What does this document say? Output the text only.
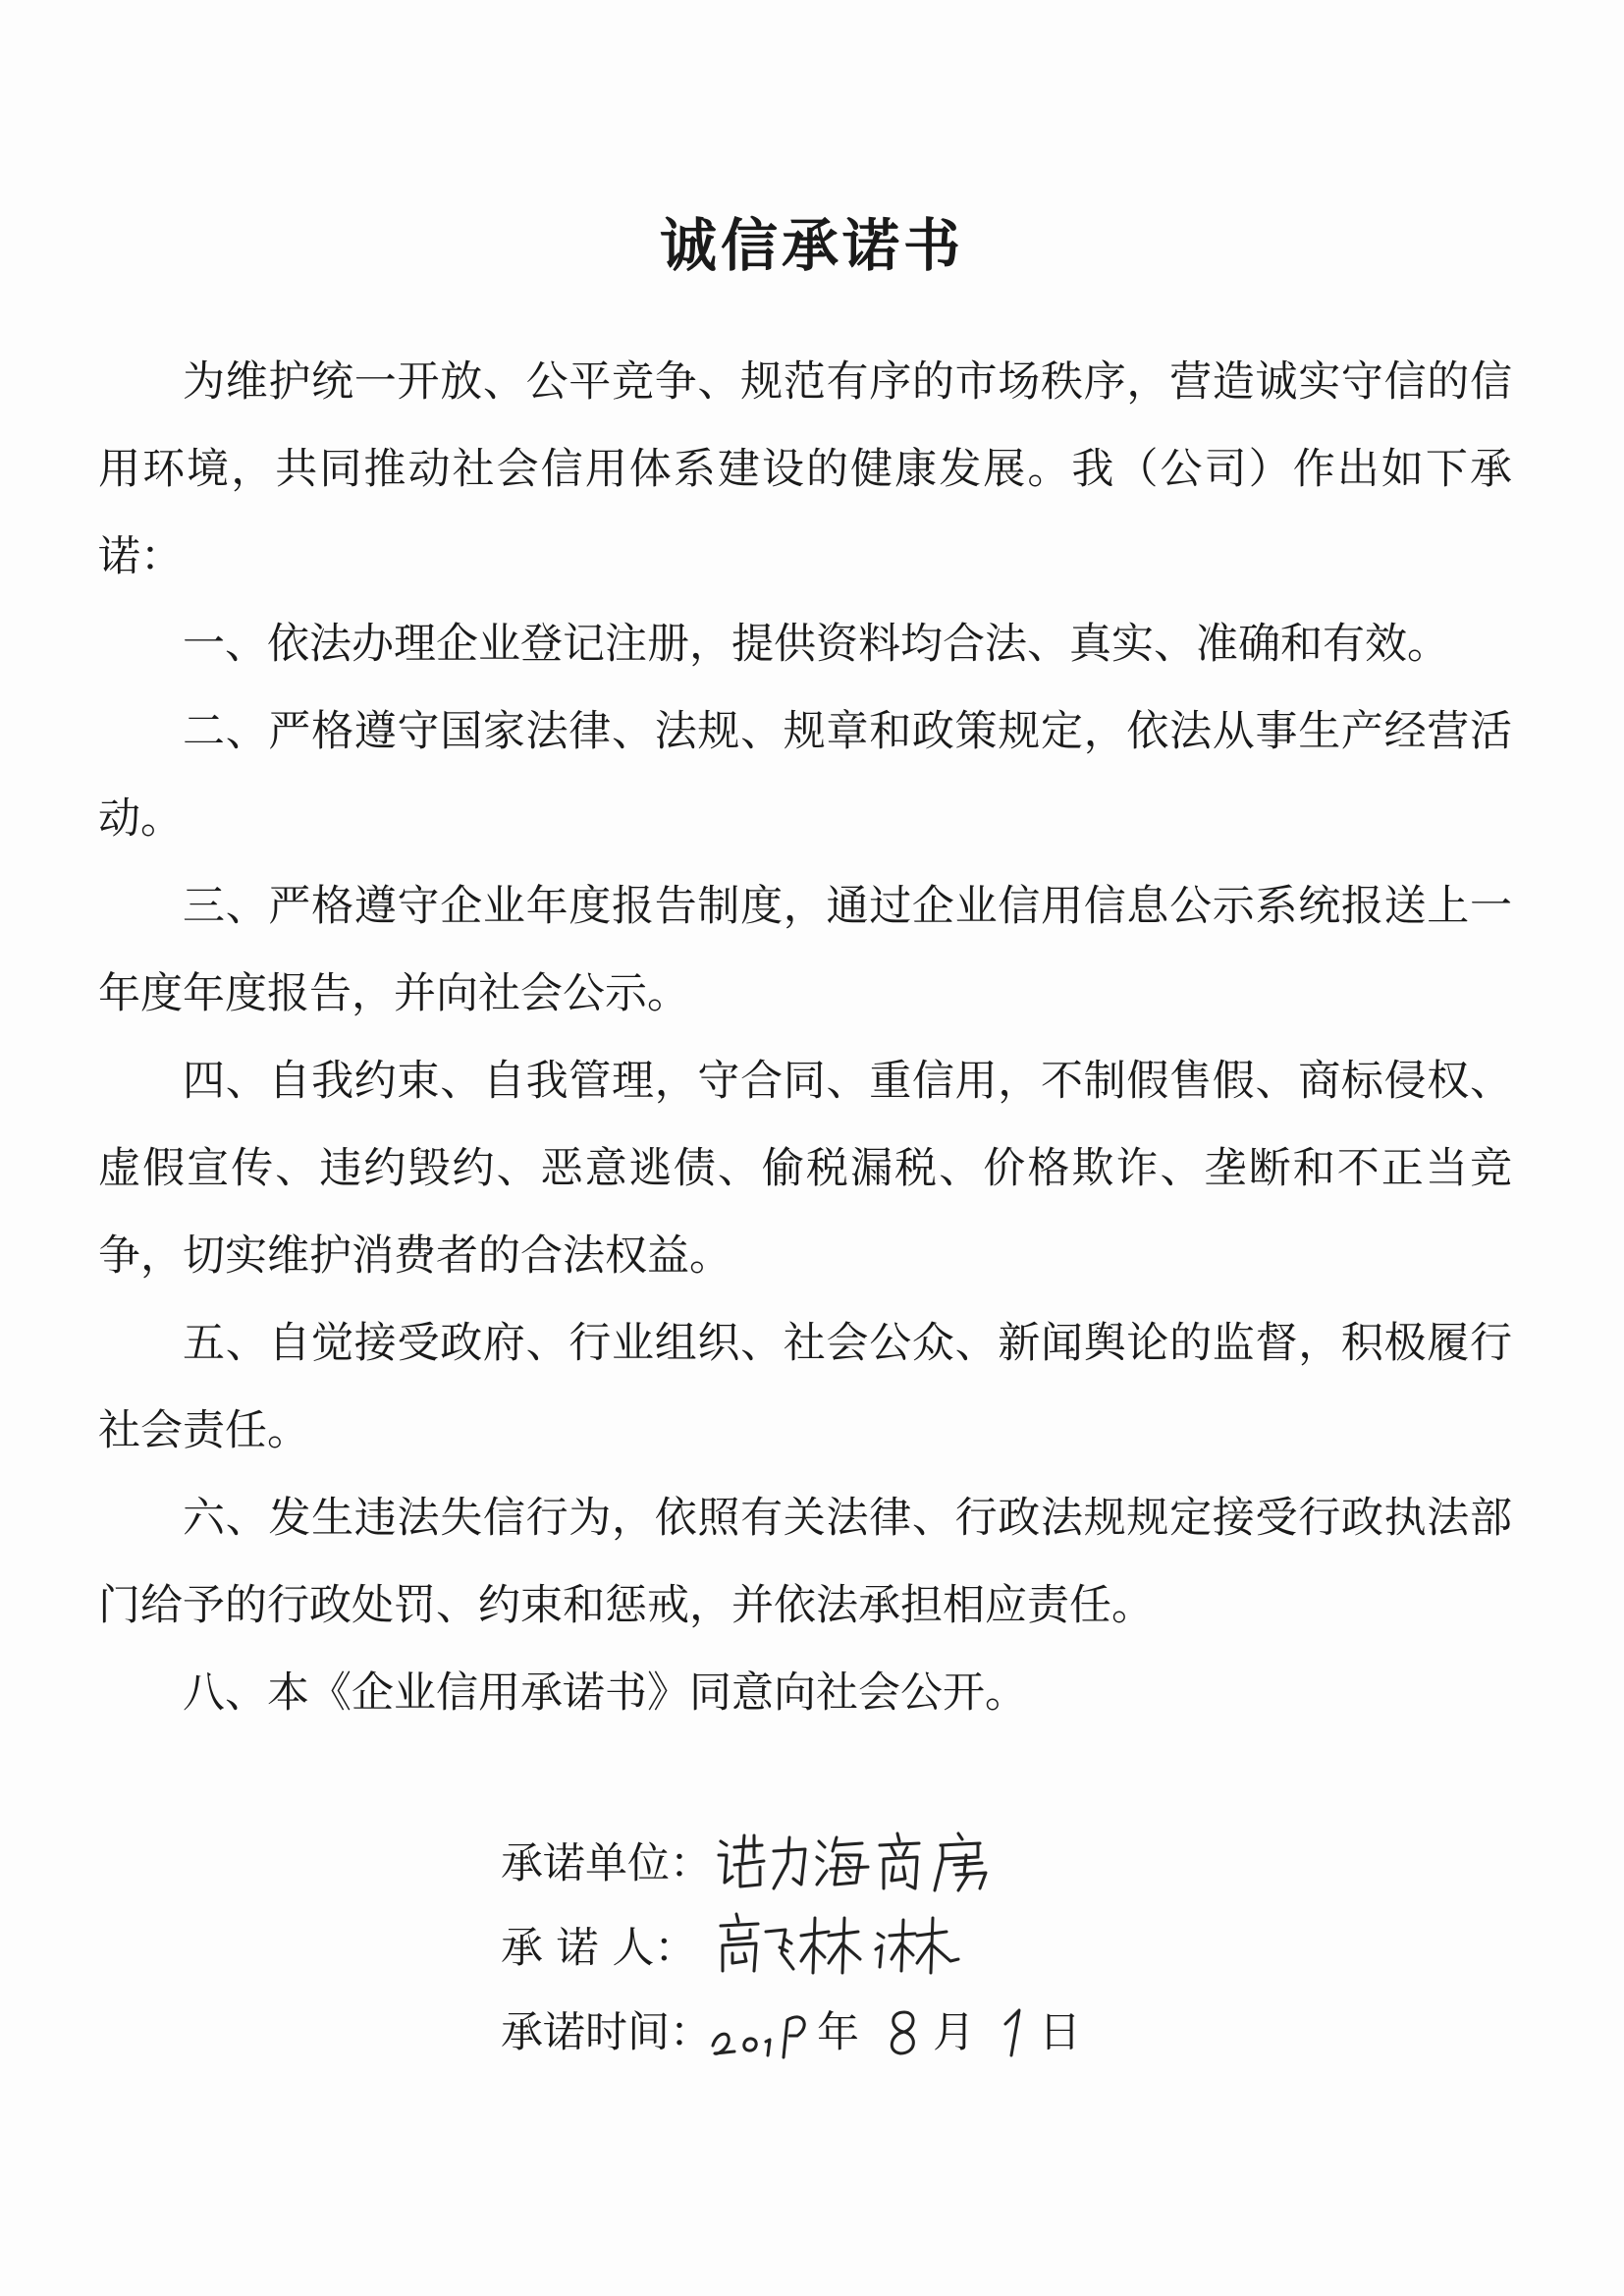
诚信承诺书

为维护统一开放、公平竞争、规范有序的市场秩序，营造诚实守信的信用环境，共同推动社会信用体系建设的健康发展。我（公司）作出如下承诺：

一、依法办理企业登记注册，提供资料均合法、真实、准确和有效。

二、严格遵守国家法律、法规、规章和政策规定，依法从事生产经营活动。

三、严格遵守企业年度报告制度，通过企业信用信息公示系统报送上一年度年度报告，并向社会公示。

四、自我约束、自我管理，守合同、重信用，不制假售假、商标侵权、虚假宣传、违约毁约、恶意逃债、偷税漏税、价格欺诈、垄断和不正当竞争，切实维护消费者的合法权益。

五、自觉接受政府、行业组织、社会公众、新闻舆论的监督，积极履行社会责任。

六、发生违法失信行为，依照有关法律、行政法规规定接受行政执法部门给予的行政处罚、约束和惩戒，并依法承担相应责任。

八、本《企业信用承诺书》同意向社会公开。

承诺单位：
承 诺 人：
承诺时间： 年 月 日
